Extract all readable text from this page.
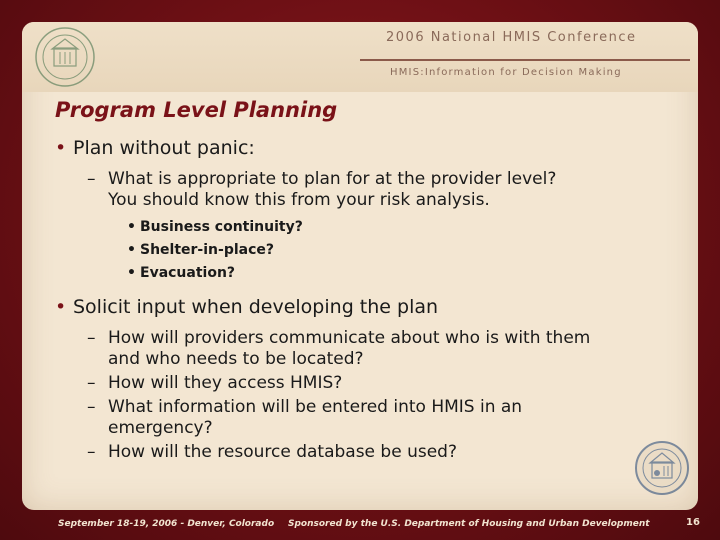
2006 National HMIS Conference
HMIS:Information for Decision Making
Program Level Planning
• Plan without panic:
– What is appropriate to plan for at the provider level?
You should know this from your risk analysis.
• Business continuity?
• Shelter-in-place?
• Evacuation?
• Solicit input when developing the plan
– How will providers communicate about who is with them
and who needs to be located?
– How will they access HMIS?
– What information will be entered into HMIS in an
emergency?
– How will the resource database be used?
September 18-19, 2006 - Denver, Colorado Sponsored by the U.S. Department of Housing and Urban Development	16
